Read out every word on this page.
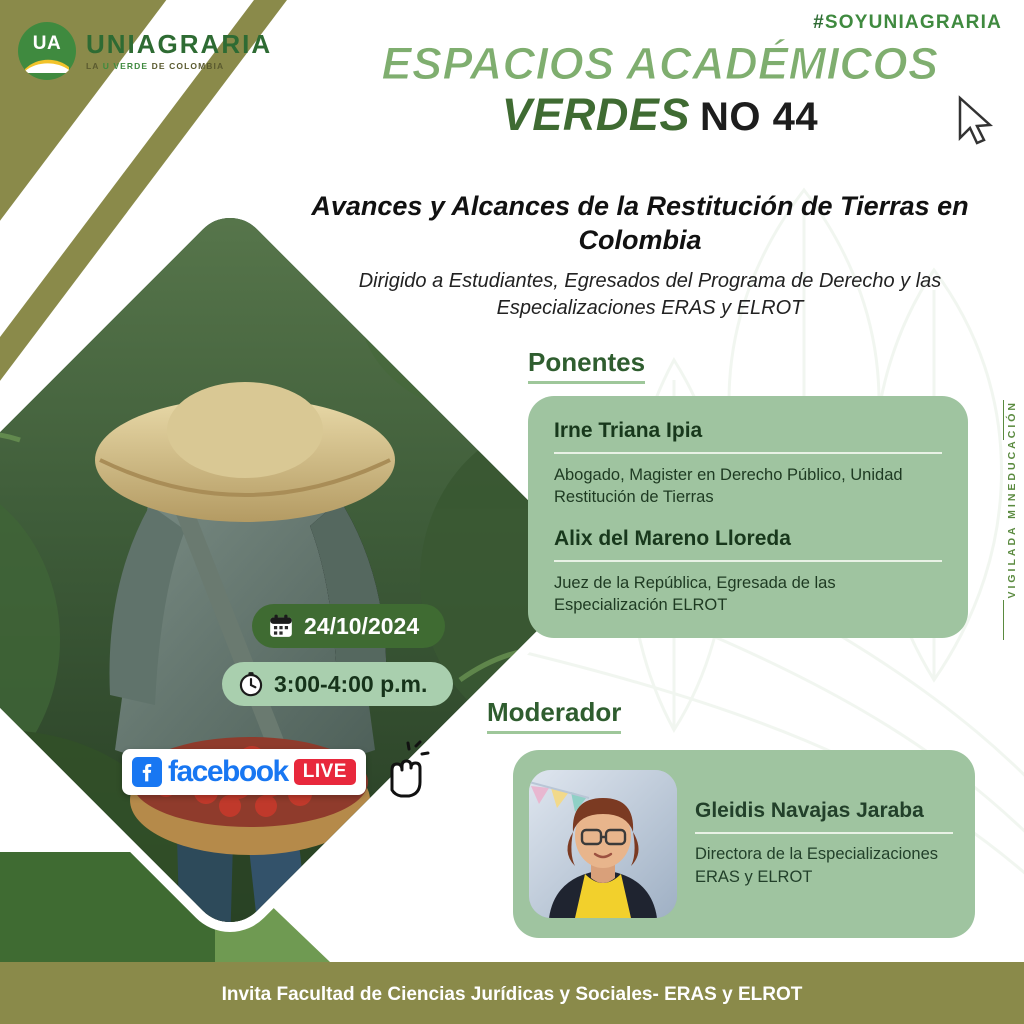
UA UNIAGRARIA
LA U VERDE DE COLOMBIA
#SOYUNIAGRARIA
VIGILADA MINEDUCACIÓN
ESPACIOS ACADÉMICOS
VERDES NO 44
Avances y Alcances de la Restitución de Tierras en Colombia
Dirigido a Estudiantes, Egresados del Programa de Derecho y las Especializaciones ERAS y ELROT
24/10/2024
3:00-4:00 p.m.
facebook LIVE
Ponentes
Irne Triana Ipia
Abogado, Magister en Derecho Público, Unidad Restitución de Tierras
Alix del Mareno Lloreda
Juez de la República, Egresada de las Especialización ELROT
Moderador
Gleidis Navajas Jaraba
Directora de la Especializaciones ERAS y ELROT
Invita Facultad de Ciencias Jurídicas y Sociales- ERAS y ELROT
